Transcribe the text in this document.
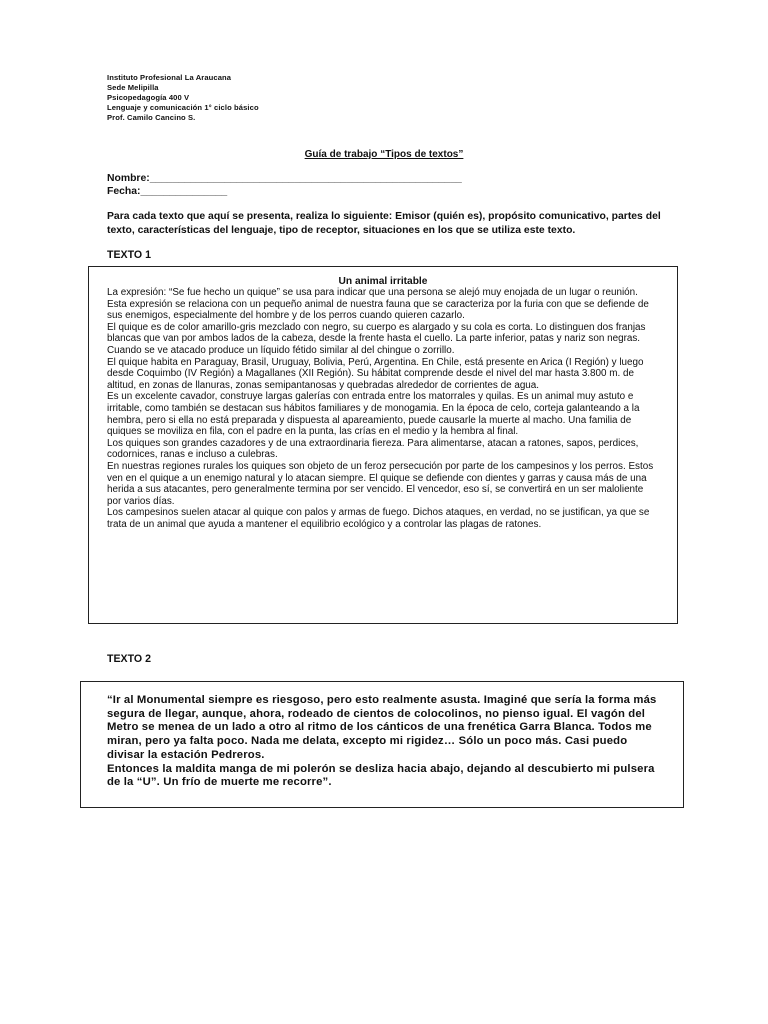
Instituto Profesional La Araucana
Sede Melipilla
Psicopedagogía 400 V
Lenguaje y comunicación 1° ciclo básico
Prof. Camilo Cancino S.
Guía de trabajo “Tipos de textos”
Nombre:______________________________________________________
Fecha:_______________
Para cada texto que aquí se presenta, realiza lo siguiente: Emisor (quién es), propósito comunicativo, partes del texto, características del lenguaje, tipo de receptor, situaciones en los que se utiliza este texto.
TEXTO 1
Un animal irritable

La expresión: “Se fue hecho un quique” se usa para indicar que una persona se alejó muy enojada de un lugar o reunión.

Esta expresión se relaciona con un pequeño animal de nuestra fauna que se caracteriza por la furia con que se defiende de sus enemigos, especialmente del hombre y de los perros cuando quieren cazarlo.

El quique es de color amarillo-gris mezclado con negro, su cuerpo es alargado y su cola es corta. Lo distinguen dos franjas blancas que van por ambos lados de la cabeza, desde la frente hasta el cuello. La parte inferior, patas y nariz son negras. Cuando se ve atacado produce un líquido fétido similar al del chingue o zorrillo.

El quique habita en Paraguay, Brasil, Uruguay, Bolivia, Perú, Argentina. En Chile, está presente en Arica (I Región) y luego desde Coquimbo (IV Región) a Magallanes (XII Región). Su hábitat comprende desde el nivel del mar hasta 3.800 m. de altitud, en zonas de llanuras, zonas semipantanosas y quebradas alrededor de corrientes de agua.

Es un excelente cavador, construye largas galerías con entrada entre los matorrales y quilas. Es un animal muy astuto e irritable, como también se destacan sus hábitos familiares y de monogamia. En la época de celo, corteja galanteando a la hembra, pero si ella no está preparada y dispuesta al apareamiento, puede causarle la muerte al macho. Una familia de quiques se moviliza en fila, con el padre en la punta, las crías en el medio y la hembra al final.

Los quiques son grandes cazadores y de una extraordinaria fiereza. Para alimentarse, atacan a ratones, sapos, perdices, codornices, ranas e incluso a culebras.

En nuestras regiones rurales los quiques son objeto de un feroz persecución por parte de los campesinos y los perros. Estos ven en el quique a un enemigo natural y lo atacan siempre. El quique se defiende con dientes y garras y causa más de una herida a sus atacantes, pero generalmente termina por ser vencido. El vencedor, eso sí, se convertirá en un ser maloliente por varios días.

Los campesinos suelen atacar al quique con palos y armas de fuego. Dichos ataques, en verdad, no se justifican, ya que se trata de un animal que ayuda a mantener el equilibrio ecológico y a controlar las plagas de ratones.

TEXTO 2

“Ir al Monumental siempre es riesgoso, pero esto realmente asusta. Imaginé que sería la forma más segura de llegar, aunque, ahora, rodeado de cientos de colocolinos, no pienso igual. El vagón del Metro se menea de un lado a otro al ritmo de los cánticos de una frenética Garra Blanca. Todos me miran, pero ya falta poco. Nada me delata, excepto mi rigidez… Sólo un poco más. Casi puedo divisar la estación Pedreros.

Entonces la maldita manga de mi polerón se desliza hacia abajo, dejando al descubierto mi pulsera de la “U”. Un frío de muerte me recorre”.
